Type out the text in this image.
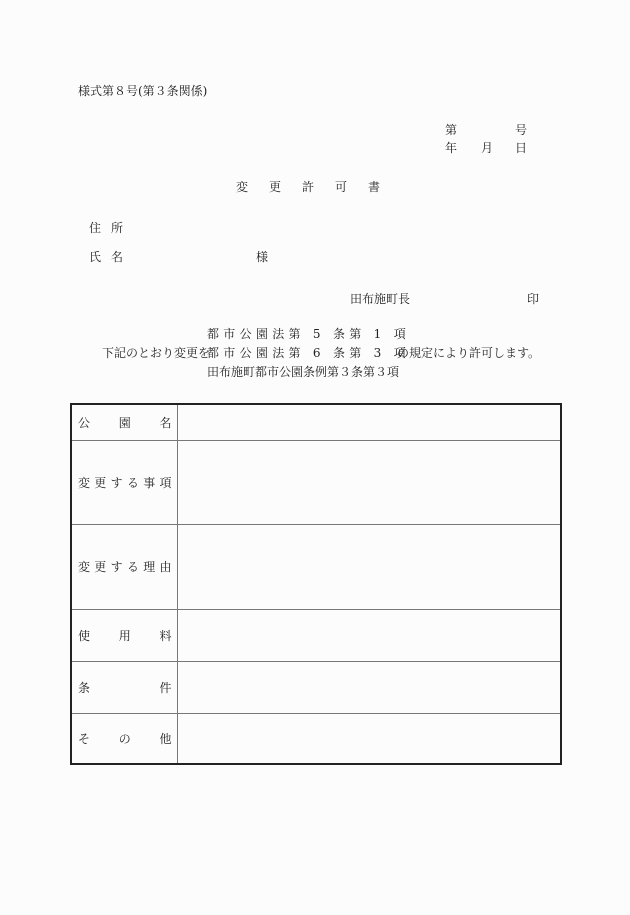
様式第８号(第３条関係)
第	号
年 月 日
変更許可書
住所
氏名	様
田布施町長	印
都市公園法第 5 条第 1 項
下記のとおり変更を
都市公園法第 6 条第 3 項
の規定により許可します。
田布施町都市公園条例第３条第３項
公 園 名	

変 更 す る 事 項

変 更 す る 理 由

使 用 料	

条 件	

そ の 他	
